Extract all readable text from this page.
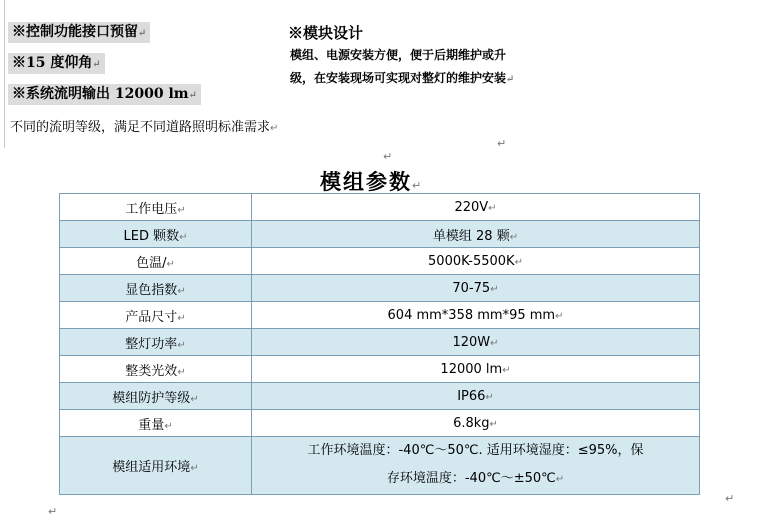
※控制功能接口预留↵
※15 度仰角↵
※系统流明输出 12000 lm↵
不同的流明等级，满足不同道路照明标准需求↵
※模块设计
模组、电源安装方便，便于后期维护或升级，在安装现场可实现对整灯的维护安装↵
↵
↵
模组参数↵
工作电压↵	220V↵
LED 颗数↵	单模组 28 颗↵
色温/↵	5000K-5500K↵
显色指数↵	70-75↵
产品尺寸↵	604 mm*358 mm*95 mm↵
整灯功率↵	120W↵
整类光效↵	12000 lm↵
模组防护等级↵	IP66↵
重量↵	6.8kg↵
模组适用环境↵	工作环境温度：-40℃～50℃. 适用环境湿度：≤95%，保
存环境温度：-40℃～±50℃↵
↵
↵
